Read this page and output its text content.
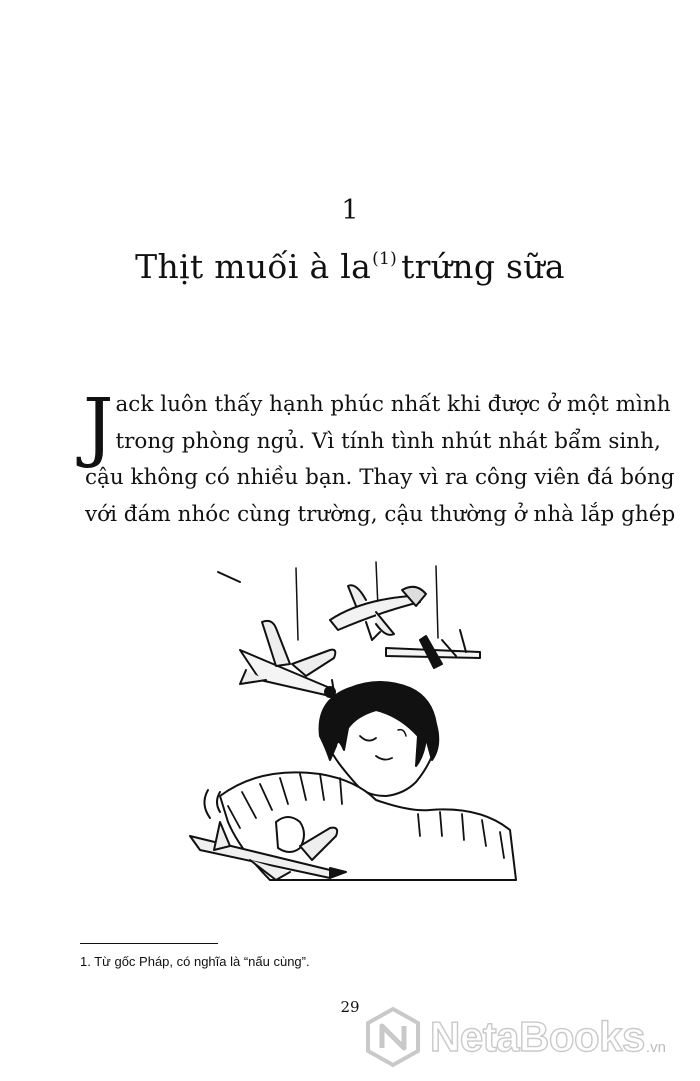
1
Thịt muối à $la^{(1)}$ trứng sữa
J ack luôn thấy hạnh phúc nhất khi được ở một mình
trong phòng ngủ. Vì tính tình nhút nhát bẩm sinh,
cậu không có nhiều bạn. Thay vì ra công viên đá bóng
với đám nhóc cùng trường, cậu thường ở nhà lắp ghép
1. Từ gốc Pháp, có nghĩa là “nấu cùng”.
29
NetaBooks .vn
